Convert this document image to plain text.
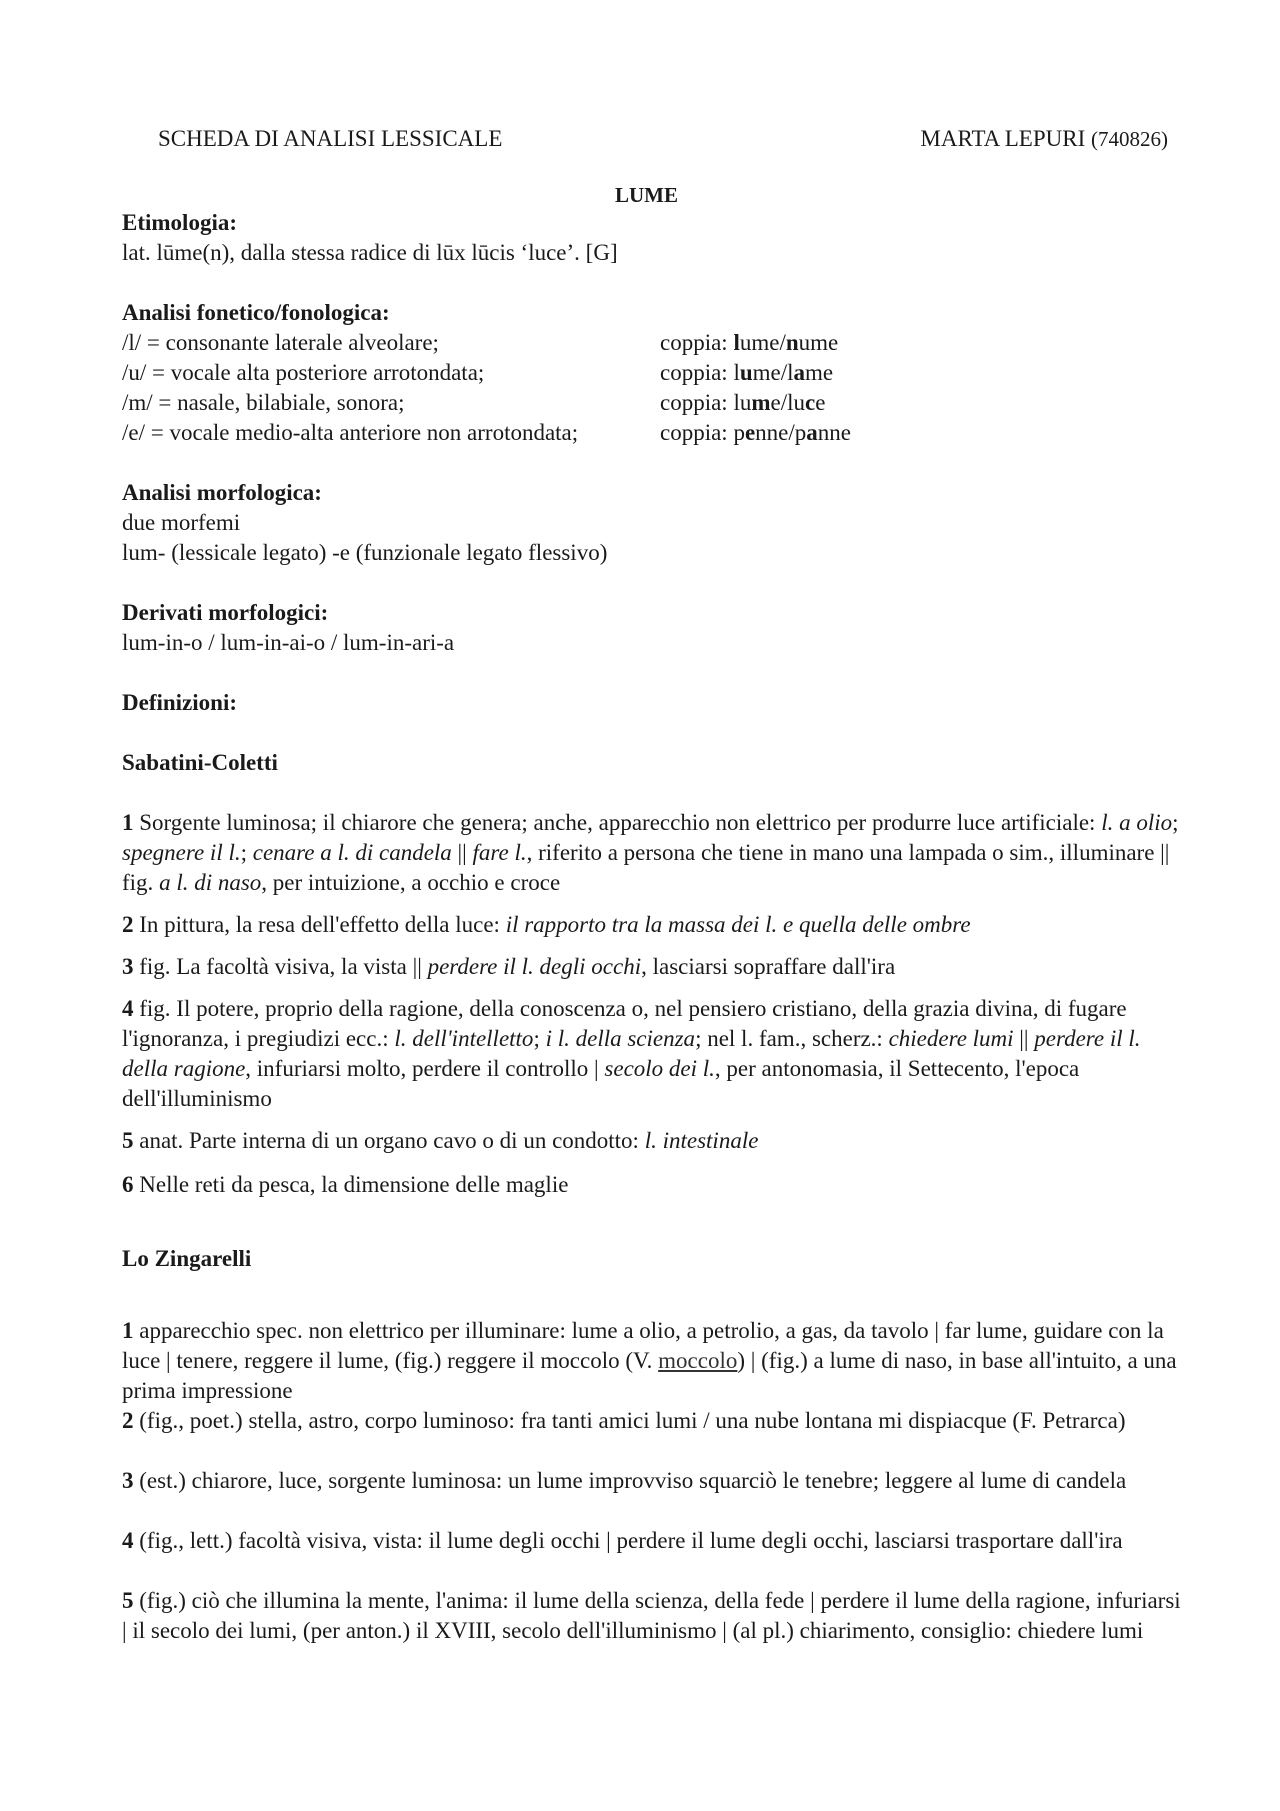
SCHEDA DI ANALISI LESSICALE	MARTA LEPURI (740826)
LUME
Etimologia:
lat. lūme(n), dalla stessa radice di lūx lūcis ‘luce’. [G]
Analisi fonetico/fonologica:
/l/ = consonante laterale alveolare;	coppia: lume/nume
/u/ = vocale alta posteriore arrotondata;	coppia: lume/lame
/m/ = nasale, bilabiale, sonora;	coppia: lume/luce
/e/ = vocale medio-alta anteriore non arrotondata;	coppia: penne/panne
Analisi morfologica:
due morfemi
lum- (lessicale legato) -e (funzionale legato flessivo)
Derivati morfologici:
lum-in-o / lum-in-ai-o / lum-in-ari-a
Definizioni:
Sabatini-Coletti
1 Sorgente luminosa; il chiarore che genera; anche, apparecchio non elettrico per produrre luce artificiale: l. a olio; spegnere il l.; cenare a l. di candela || fare l., riferito a persona che tiene in mano una lampada o sim., illuminare || fig. a l. di naso, per intuizione, a occhio e croce
2 In pittura, la resa dell'effetto della luce: il rapporto tra la massa dei l. e quella delle ombre
3 fig. La facoltà visiva, la vista || perdere il l. degli occhi, lasciarsi sopraffare dall'ira
4 fig. Il potere, proprio della ragione, della conoscenza o, nel pensiero cristiano, della grazia divina, di fugare l'ignoranza, i pregiudizi ecc.: l. dell'intelletto; i l. della scienza; nel l. fam., scherz.: chiedere lumi || perdere il l. della ragione, infuriarsi molto, perdere il controllo | secolo dei l., per antonomasia, il Settecento, l'epoca dell'illuminismo
5 anat. Parte interna di un organo cavo o di un condotto: l. intestinale
6 Nelle reti da pesca, la dimensione delle maglie
Lo Zingarelli
1 apparecchio spec. non elettrico per illuminare: lume a olio, a petrolio, a gas, da tavolo | far lume, guidare con la luce | tenere, reggere il lume, (fig.) reggere il moccolo (V. moccolo) | (fig.) a lume di naso, in base all'intuito, a una prima impressione
2 (fig., poet.) stella, astro, corpo luminoso: fra tanti amici lumi / una nube lontana mi dispiacque (F. Petrarca)
3 (est.) chiarore, luce, sorgente luminosa: un lume improvviso squarciò le tenebre; leggere al lume di candela
4 (fig., lett.) facoltà visiva, vista: il lume degli occhi | perdere il lume degli occhi, lasciarsi trasportare dall'ira
5 (fig.) ciò che illumina la mente, l'anima: il lume della scienza, della fede | perdere il lume della ragione, infuriarsi | il secolo dei lumi, (per anton.) il XVIII, secolo dell'illuminismo | (al pl.) chiarimento, consiglio: chiedere lumi
